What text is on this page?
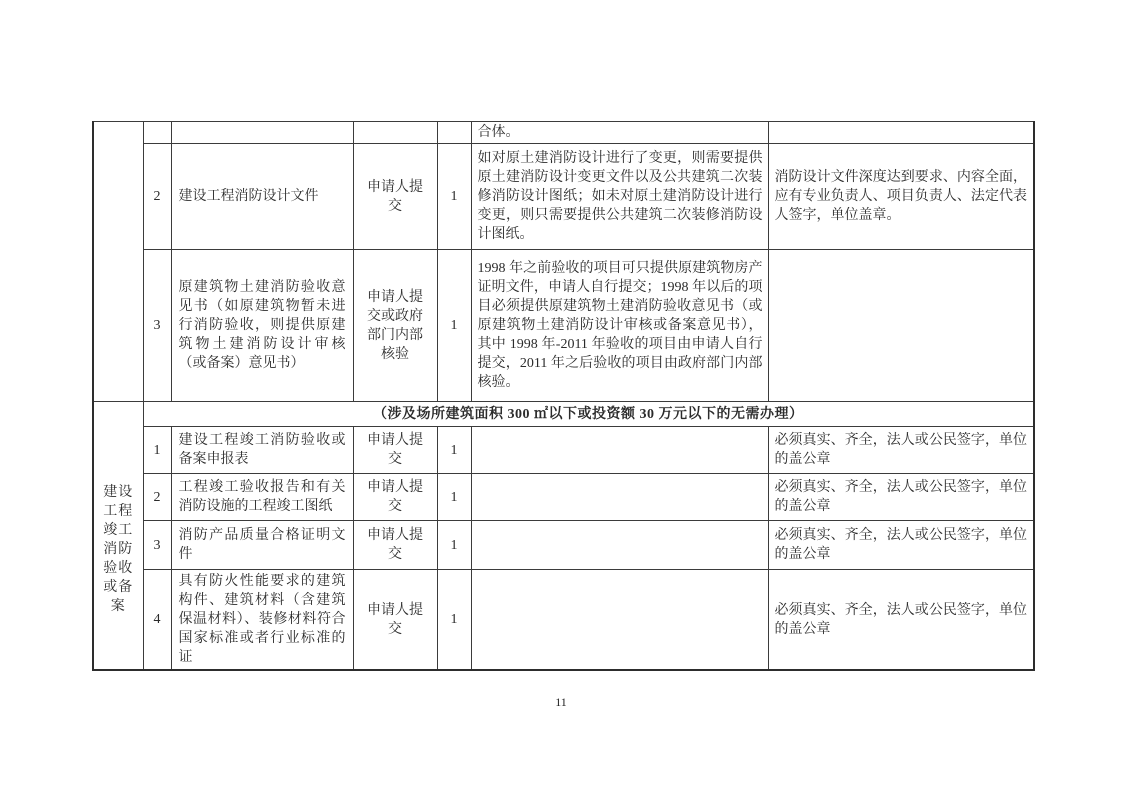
					合体。	
	2	建设工程消防设计文件	申请人提交	1	如对原土建消防设计进行了变更，则需要提供原土建消防设计变更文件以及公共建筑二次装修消防设计图纸；如未对原土建消防设计进行变更，则只需要提供公共建筑二次装修消防设计图纸。	消防设计文件深度达到要求、内容全面，应有专业负责人、项目负责人、法定代表人签字，单位盖章。
	3	原建筑物土建消防验收意见书（如原建筑物暂未进行消防验收，则提供原建筑物土建消防设计审核（或备案）意见书）	申请人提交或政府部门内部核验	1	1998 年之前验收的项目可只提供原建筑物房产证明文件，申请人自行提交；1998 年以后的项目必须提供原建筑物土建消防验收意见书（或原建筑物土建消防设计审核或备案意见书），其中 1998 年-2011 年验收的项目由申请人自行提交，2011 年之后验收的项目由政府部门内部核验。	
建设工程竣工消防验收或备案	（涉及场所建筑面积 300 ㎡以下或投资额 30 万元以下的无需办理）					
	1	建设工程竣工消防验收或备案申报表	申请人提交	1		必须真实、齐全，法人或公民签字，单位的盖公章
	2	工程竣工验收报告和有关消防设施的工程竣工图纸	申请人提交	1		必须真实、齐全，法人或公民签字，单位的盖公章
	3	消防产品质量合格证明文件	申请人提交	1		必须真实、齐全，法人或公民签字，单位的盖公章
	4	具有防火性能要求的建筑构件、建筑材料（含建筑保温材料）、装修材料符合国家标准或者行业标准的证	申请人提交	1		必须真实、齐全，法人或公民签字，单位的盖公章
11
